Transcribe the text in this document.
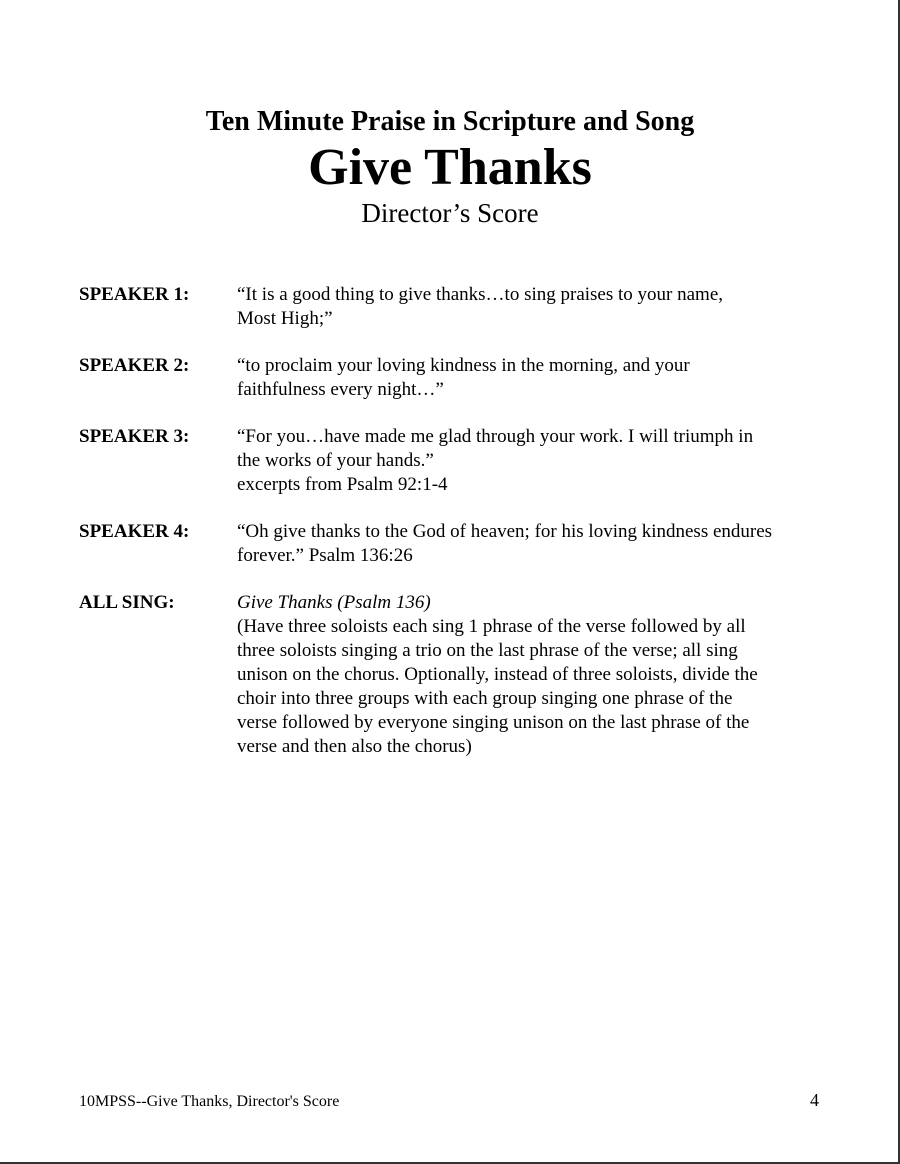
Ten Minute Praise in Scripture and Song
Give Thanks
Director’s Score
SPEAKER 1:	“It is a good thing to give thanks…to sing praises to your name,
Most High;”
SPEAKER 2:	“to proclaim your loving kindness in the morning, and your
faithfulness every night…”
SPEAKER 3:	“For you…have made me glad through your work. I will triumph in
the works of your hands.”
excerpts from Psalm 92:1-4
SPEAKER 4:	“Oh give thanks to the God of heaven; for his loving kindness endures
forever.” Psalm 136:26
ALL SING:	Give Thanks (Psalm 136)
(Have three soloists each sing 1 phrase of the verse followed by all
three soloists singing a trio on the last phrase of the verse; all sing
unison on the chorus. Optionally, instead of three soloists, divide the
choir into three groups with each group singing one phrase of the
verse followed by everyone singing unison on the last phrase of the
verse and then also the chorus)
10MPSS--Give Thanks, Director's Score	4
